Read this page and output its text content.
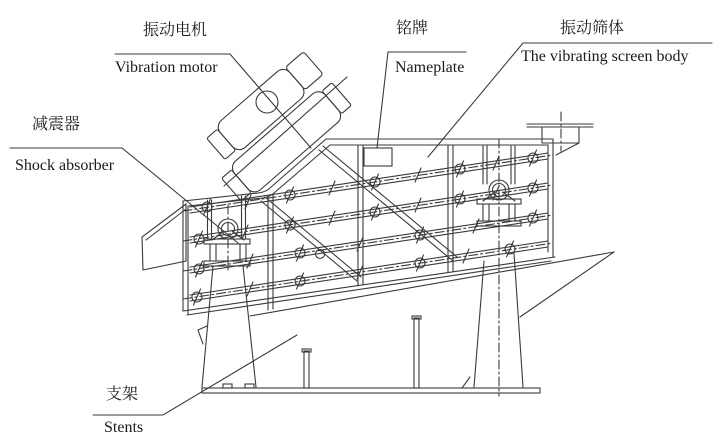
振动电机
Vibration motor
铭牌
Nameplate
振动筛体
The vibrating screen body
减震器
Shock absorber
支架
Stents
